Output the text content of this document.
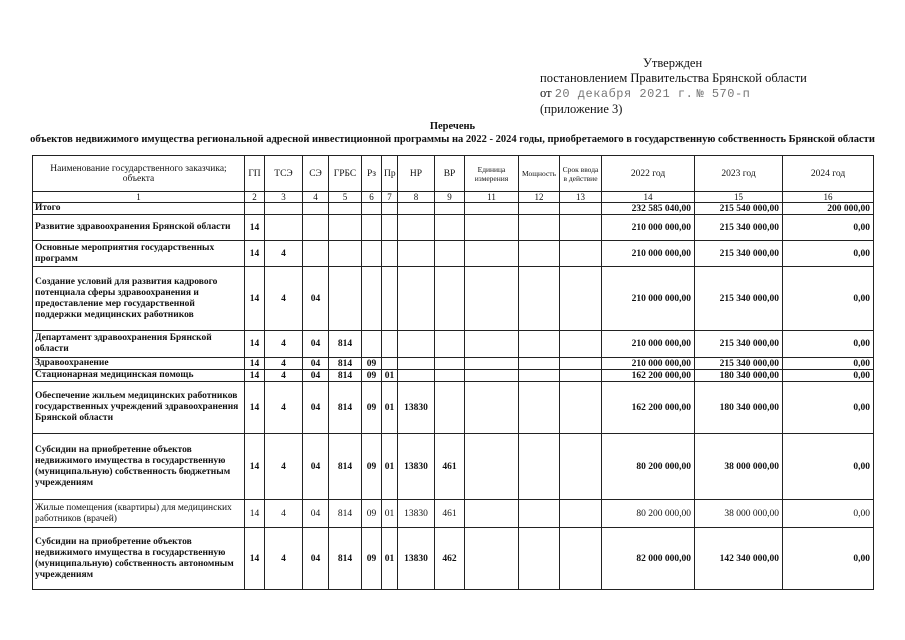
Утвержден
постановлением Правительства Брянской области
от 20 декабря 2021 г. № 570-п
(приложение 3)
Перечень
объектов недвижимого имущества региональной адресной инвестиционной программы на 2022 - 2024 годы, приобретаемого в государственную собственность Брянской области
Наименование государственного заказчика; объекта	ГП	ТСЭ	СЭ	ГРБС	Рз	Пр	НР	ВР	Единица измерения	Мощность	Срок ввода в действие	2022 год	2023 год	2024 год
1	2	3	4	5	6	7	8	9	11	12	13	14	15	16
Итого												232 585 040,00	215 540 000,00	200 000,00
Развитие здравоохранения Брянской области	14											210 000 000,00	215 340 000,00	0,00
Основные мероприятия государственных программ	14	4										210 000 000,00	215 340 000,00	0,00
Создание условий для развития кадрового потенциала сферы здравоохранения и предоставление мер государственной поддержки медицинских работников	14	4	04									210 000 000,00	215 340 000,00	0,00
Департамент здравоохранения Брянской области	14	4	04	814								210 000 000,00	215 340 000,00	0,00
Здравоохранение	14	4	04	814	09							210 000 000,00	215 340 000,00	0,00
Стационарная медицинская помощь	14	4	04	814	09	01						162 200 000,00	180 340 000,00	0,00
Обеспечение жильем медицинских работников государственных учреждений здравоохранения Брянской области	14	4	04	814	09	01	13830					162 200 000,00	180 340 000,00	0,00
Субсидии на приобретение объектов недвижимого имущества в государственную (муниципальную) собственность бюджетным учреждениям	14	4	04	814	09	01	13830	461				80 200 000,00	38 000 000,00	0,00
Жилые помещения (квартиры) для медицинских работников (врачей)	14	4	04	814	09	01	13830	461				80 200 000,00	38 000 000,00	0,00
Субсидии на приобретение объектов недвижимого имущества в государственную (муниципальную) собственность автономным учреждениям	14	4	04	814	09	01	13830	462				82 000 000,00	142 340 000,00	0,00
